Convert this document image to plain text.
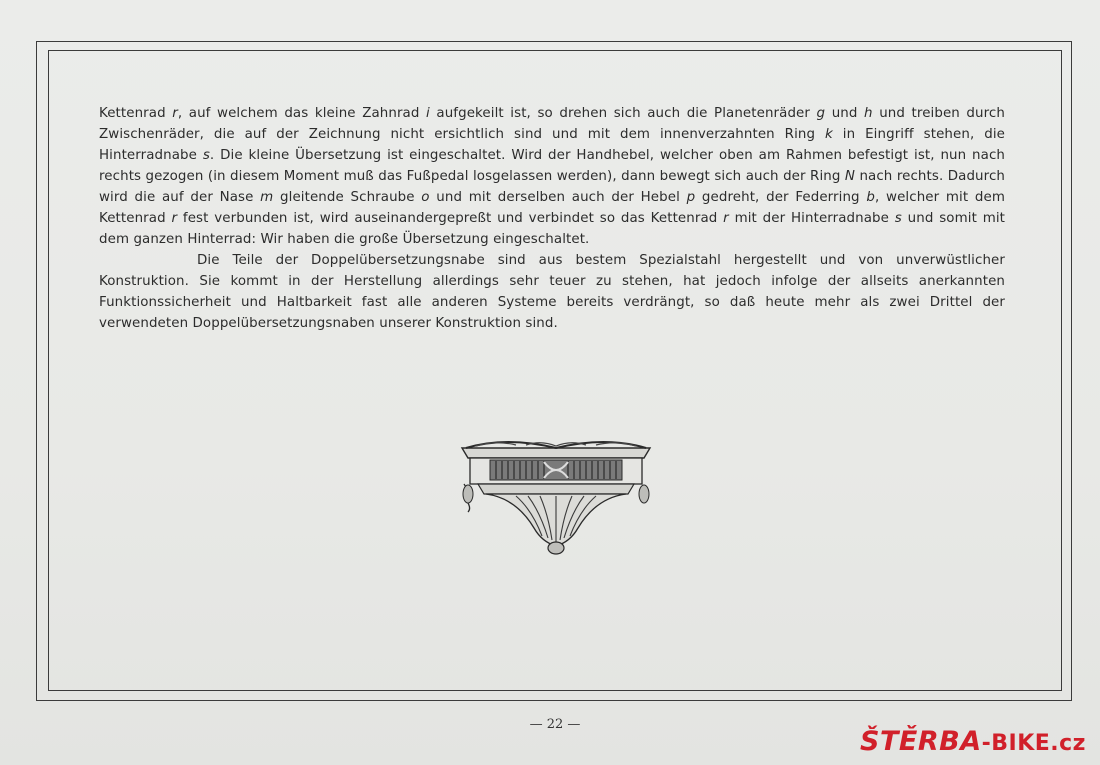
Kettenrad r, auf welchem das kleine Zahnrad i aufgekeilt ist, so drehen sich auch die Planetenräder g und h und treiben durch Zwischenräder, die auf der Zeichnung nicht ersichtlich sind und mit dem innenverzahnten Ring k in Eingriff stehen, die Hinterradnabe s. Die kleine Übersetzung ist eingeschaltet. Wird der Handhebel, welcher oben am Rahmen befestigt ist, nun nach rechts gezogen (in diesem Moment muß das Fußpedal losgelassen werden), dann bewegt sich auch der Ring N nach rechts. Dadurch wird die auf der Nase m gleitende Schraube o und mit derselben auch der Hebel p gedreht, der Federring b, welcher mit dem Kettenrad r fest verbunden ist, wird auseinandergepreßt und verbindet so das Kettenrad r mit der Hinterradnabe s und somit mit dem ganzen Hinterrad: Wir haben die große Übersetzung eingeschaltet.

Die Teile der Doppelübersetzungsnabe sind aus bestem Spezialstahl hergestellt und von unverwüstlicher Konstruktion. Sie kommt in der Herstellung allerdings sehr teuer zu stehen, hat jedoch infolge der allseits anerkannten Funktionssicherheit und Haltbarkeit fast alle anderen Systeme bereits verdrängt, so daß heute mehr als zwei Drittel der verwendeten Doppelübersetzungsnaben unserer Konstruktion sind.

— 22 —
ŠTĚRBA-BIKE.cz
